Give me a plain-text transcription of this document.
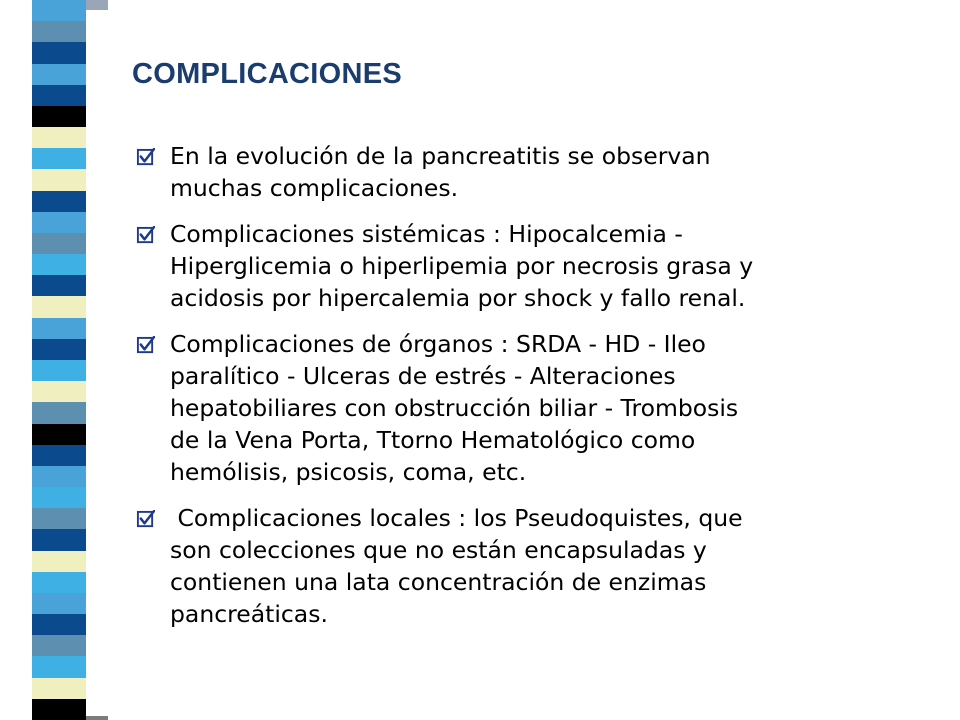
COMPLICACIONES
En la evolución de la pancreatitis se observan
muchas complicaciones.
Complicaciones sistémicas : Hipocalcemia -
Hiperglicemia o hiperlipemia por necrosis grasa y
acidosis por hipercalemia por shock y fallo renal.
Complicaciones de órganos : SRDA - HD - Ileo
paralítico - Ulceras de estrés - Alteraciones
hepatobiliares con obstrucción biliar - Trombosis
de la Vena Porta, Ttorno Hematológico como
hemólisis, psicosis, coma, etc.
Complicaciones locales : los Pseudoquistes, que
son colecciones que no están encapsuladas y
contienen una lata concentración de enzimas
pancreáticas.
